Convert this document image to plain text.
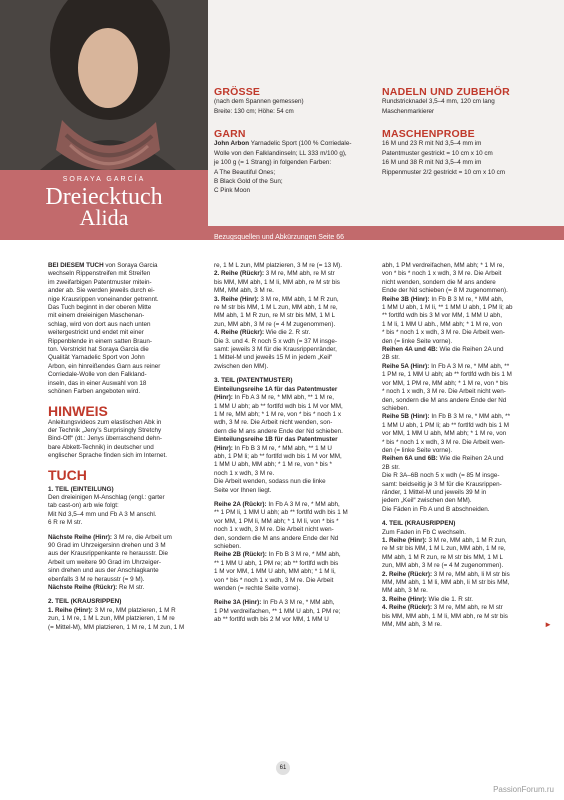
SORAYA GARCÍA
Dreiecktuch
Alida
GRÖSSE
(nach dem Spannen gemessen)
Breite: 130 cm; Höhe: 54 cm
GARN
John Arbon Yarnadelic Sport (100 % Corriedale-
Wolle von den Falklandinseln; LL 333 m/100 g),
je 100 g (= 1 Strang) in folgenden Farben:
A The Beautiful Ones;
B Black Gold of the Sun;
C Pink Moon
NADELN UND ZUBEHÖR
Rundstricknadel 3,5–4 mm, 120 cm lang
Maschenmarkierer
MASCHENPROBE
16 M und 23 R mit Nd 3,5–4 mm im
Patentmuster gestrickt = 10 cm x 10 cm
16 M und 38 R mit Nd 3,5–4 mm im
Rippenmuster 2/2 gestrickt = 10 cm x 10 cm
Bezugsquellen und Abkürzungen Seite 66

BEI DIESEM TUCH von Soraya Garcia

wechseln Rippenstreifen mit Streifen

im zweifarbigen Patentmuster mitein-

ander ab. Sie werden jeweils durch ei-

nige Krausrippen voneinander getrennt.

Das Tuch beginnt in der oberen Mitte

mit einem dreieinigen Maschenan-

schlag, wird von dort aus nach unten

weitergestrickt und endet mit einer

Rippenblende in einem satten Braun-

ton. Verstrickt hat Soraya Garcia die

Qualität Yarnadelic Sport von John

Arbon, ein hinreißendes Garn aus reiner

Corriedale-Wolle von den Falkland-

inseln, das in einer Auswahl von 18

schönen Farben angeboten wird.

HINWEIS

Anleitungsvideos zum elastischen Abk in

der Technik „Jeny’s Surprisingly Stretchy

Bind-Off“ (dt.: Jenys überraschend dehn-

bare Abkett-Technik) in deutscher und

englischer Sprache finden sich im Internet.

TUCH
1. TEIL (EINTEILUNG)

Den dreieinigen M-Anschlag (engl.: garter

tab cast-on) arb wie folgt:

Mit Nd 3,5–4 mm und Fb A 3 M anschl.

6 R re M str.

Nächste Reihe (Hinr): 3 M re, die Arbeit um

90 Grad im Uhrzeigersinn drehen und 3 M

aus der Krausrippenkante re herausstr. Die

Arbeit um weitere 90 Grad im Uhrzeiger-

sinn drehen und aus der Anschlagkante

ebenfalls 3 M re herausstr (= 9 M).

Nächste Reihe (Rückr): Re M str.

2. TEIL (KRAUSRIPPEN)

1. Reihe (Hinr): 3 M re, MM platzieren, 1 M R

zun, 1 M re, 1 M L zun, MM platzieren, 1 M re

(= Mittel-M), MM platzieren, 1 M re, 1 M zun, 1 M

re, 1 M L zun, MM platzieren, 3 M re (= 13 M).

2. Reihe (Rückr): 3 M re, MM abh, re M str

bis MM, MM abh, 1 M li, MM abh, re M str bis

MM, MM abh, 3 M re.

3. Reihe (Hinr): 3 M re, MM abh, 1 M R zun,

re M str bis MM, 1 M L zun, MM abh, 1 M re,

MM abh, 1 M R zun, re M str bis MM, 1 M L

zun, MM abh, 3 M re (= 4 M zugenommen).

4. Reihe (Rückr): Wie die 2. R str.

Die 3. und 4. R noch 5 x wdh (= 37 M insge-

samt: jeweils 3 M für die Krausrippenränder,

1 Mittel-M und jeweils 15 M in jedem „Keil“

zwischen den MM).

3. TEIL (PATENTMUSTER)

Einteilungsreihe 1A für das Patentmuster

(Hinr): In Fb A 3 M re, * MM abh, ** 1 M re,

1 MM U abh; ab ** fortlfd wdh bis 1 M vor MM,

1 M re, MM abh; * 1 M re, von * bis * noch 1 x

wdh, 3 M re. Die Arbeit nicht wenden, son-

dern die M ans andere Ende der Nd schieben.

Einteilungsreihe 1B für das Patentmuster

(Hinr): In Fb B 3 M re, * MM abh, ** 1 M U

abh, 1 PM li; ab ** fortlfd wdh bis 1 M vor MM,

1 MM U abh, MM abh; * 1 M re, von * bis *

noch 1 x wdh, 3 M re.

Die Arbeit wenden, sodass nun die linke

Seite vor Ihnen liegt.

Reihe 2A (Rückr): In Fb A 3 M re, * MM abh,

** 1 PM li, 1 MM U abh; ab ** fortlfd wdh bis 1 M

vor MM, 1 PM li, MM abh; * 1 M li, von * bis *

noch 1 x wdh, 3 M re. Die Arbeit nicht wen-

den, sondern die M ans andere Ende der Nd

schieben.

Reihe 2B (Rückr): In Fb B 3 M re, * MM abh,

** 1 MM U abh, 1 PM re; ab ** fortlfd wdh bis

1 M vor MM, 1 MM U abh, MM abh; * 1 M li,

von * bis * noch 1 x wdh, 3 M re. Die Arbeit

wenden (= rechte Seite vorne).

Reihe 3A (Hinr): In Fb A 3 M re, * MM abh,

1 PM verdreifachen, ** 1 MM U abh, 1 PM re;

ab ** fortlfd wdh bis 2 M vor MM, 1 MM U

abh, 1 PM verdreifachen, MM abh; * 1 M re,

von * bis * noch 1 x wdh, 3 M re. Die Arbeit

nicht wenden, sondern die M ans andere

Ende der Nd schieben (= 8 M zugenommen).

Reihe 3B (Hinr): In Fb B 3 M re, * MM abh,

1 MM U abh, 1 M li, ** 1 MM U abh, 1 PM li; ab

** fortlfd wdh bis 3 M vor MM, 1 MM U abh,

1 M li, 1 MM U abh., MM abh; * 1 M re, von

* bis * noch 1 x wdh, 3 M re. Die Arbeit wen-

den (= linke Seite vorne).

Reihen 4A und 4B: Wie die Reihen 2A und

2B str.

Reihe 5A (Hinr): In Fb A 3 M re, * MM abh, **

1 PM re, 1 MM U abh; ab ** fortlfd wdh bis 1 M

vor MM, 1 PM re, MM abh; * 1 M re, von * bis

* noch 1 x wdh, 3 M re. Die Arbeit nicht wen-

den, sondern die M ans andere Ende der Nd

schieben.

Reihe 5B (Hinr): In Fb B 3 M re, * MM abh, **

1 MM U abh, 1 PM li; ab ** fortlfd wdh bis 1 M

vor MM, 1 MM U abh, MM abh; * 1 M re, von

* bis * noch 1 x wdh, 3 M re. Die Arbeit wen-

den (= linke Seite vorne).

Reihen 6A und 6B: Wie die Reihen 2A und

2B str.

Die R 3A–6B noch 5 x wdh (= 85 M insge-

samt: beidseitig je 3 M für die Krausrippen-

ränder, 1 Mittel-M und jeweils 39 M in

jedem „Keil“ zwischen den MM).

Die Fäden in Fb A und B abschneiden.

4. TEIL (KRAUSRIPPEN)

Zum Faden in Fb C wechseln.

1. Reihe (Hinr): 3 M re, MM abh, 1 M R zun,

re M str bis MM, 1 M L zun, MM abh, 1 M re,

MM abh, 1 M R zun, re M str bis MM, 1 M L

zun, MM abh, 3 M re (= 4 M zugenommen).

2. Reihe (Rückr): 3 M re, MM abh, li M str bis

MM, MM abh, 1 M li, MM abh, li M str bis MM,

MM abh, 3 M re.

3. Reihe (Hinr): Wie die 1. R str.

4. Reihe (Rückr): 3 M re, MM abh, re M str

bis MM, MM abh, 1 M li, MM abh, re M str bis

MM, MM abh, 3 M re.	►

61
PassionForum.ru
